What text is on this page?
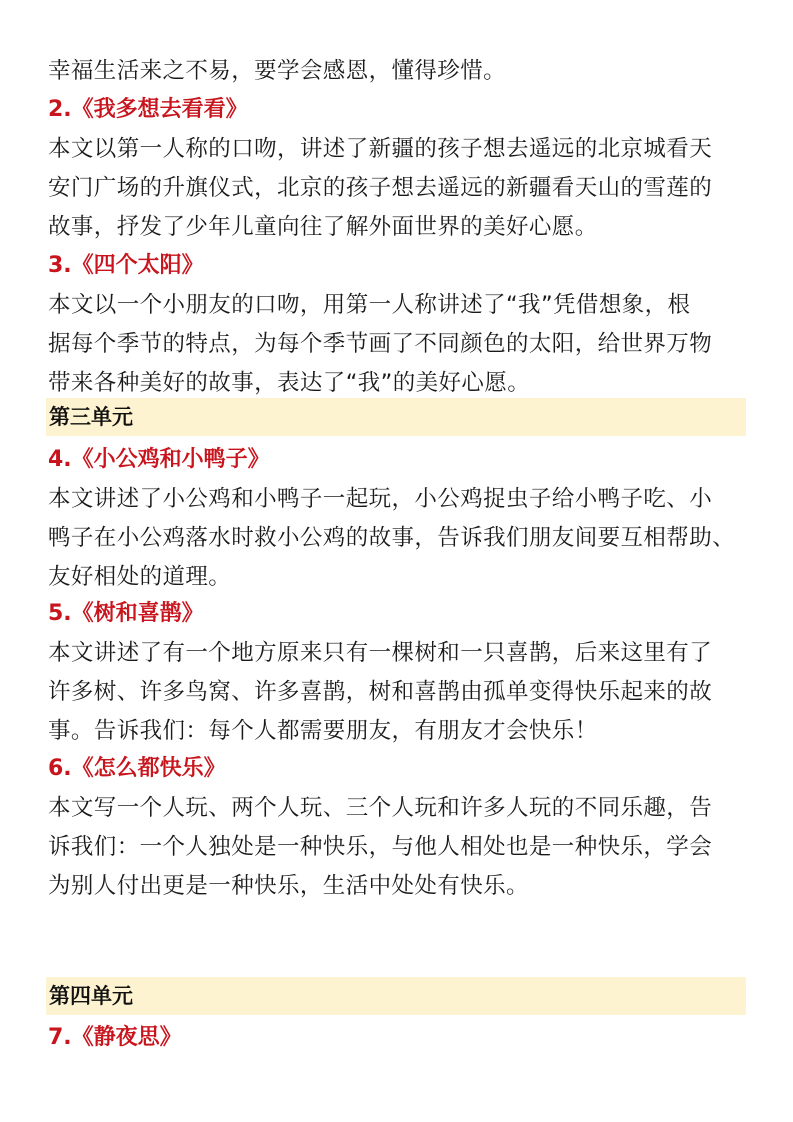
幸福生活来之不易，要学会感恩，懂得珍惜。
2.《我多想去看看》
本文以第一人称的口吻，讲述了新疆的孩子想去遥远的北京城看天
安门广场的升旗仪式，北京的孩子想去遥远的新疆看天山的雪莲的
故事，抒发了少年儿童向往了解外面世界的美好心愿。
3.《四个太阳》
本文以一个小朋友的口吻，用第一人称讲述了“我”凭借想象，根
据每个季节的特点，为每个季节画了不同颜色的太阳，给世界万物
带来各种美好的故事，表达了“我”的美好心愿。
第三单元
4.《小公鸡和小鸭子》
本文讲述了小公鸡和小鸭子一起玩，小公鸡捉虫子给小鸭子吃、小
鸭子在小公鸡落水时救小公鸡的故事，告诉我们朋友间要互相帮助、
友好相处的道理。
5.《树和喜鹊》
本文讲述了有一个地方原来只有一棵树和一只喜鹊，后来这里有了
许多树、许多鸟窝、许多喜鹊，树和喜鹊由孤单变得快乐起来的故
事。告诉我们：每个人都需要朋友，有朋友才会快乐！
6.《怎么都快乐》
本文写一个人玩、两个人玩、三个人玩和许多人玩的不同乐趣，告
诉我们：一个人独处是一种快乐，与他人相处也是一种快乐，学会
为别人付出更是一种快乐，生活中处处有快乐。
第四单元
7.《静夜思》
